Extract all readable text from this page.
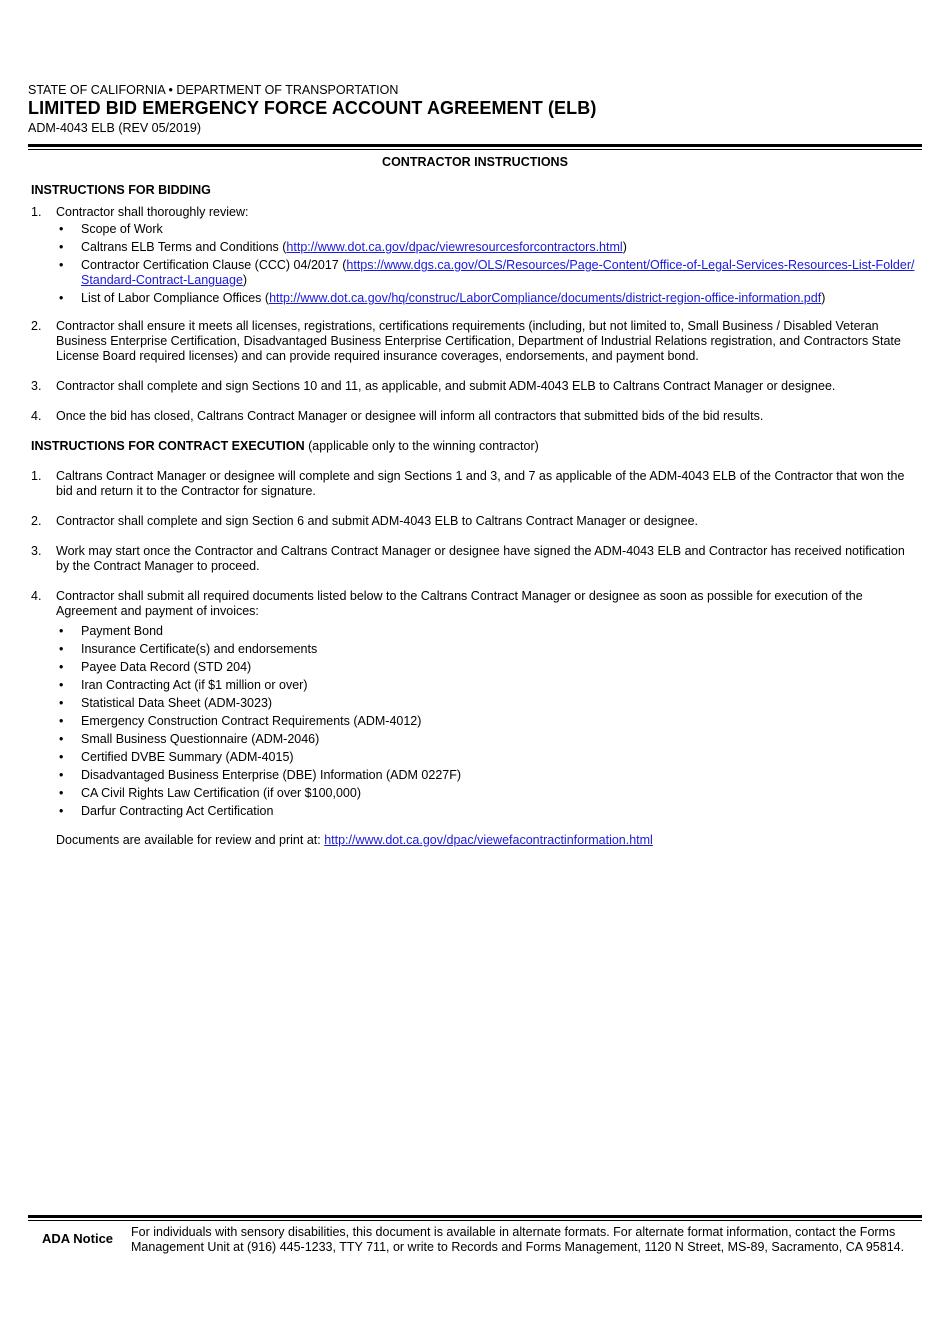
STATE OF CALIFORNIA • DEPARTMENT OF TRANSPORTATION
LIMITED BID EMERGENCY FORCE ACCOUNT AGREEMENT (ELB)
ADM-4043 ELB (REV 05/2019)
CONTRACTOR INSTRUCTIONS

INSTRUCTIONS FOR BIDDING

1. Contractor shall thoroughly review:
• Scope of Work
• Caltrans ELB Terms and Conditions (http://www.dot.ca.gov/dpac/viewresourcesforcontractors.html)
• Contractor Certification Clause (CCC) 04/2017 (https://www.dgs.ca.gov/OLS/Resources/Page-Content/Office-of-Legal-Services-Resources-List-Folder/
Standard-Contract-Language)
• List of Labor Compliance Offices (http://www.dot.ca.gov/hq/construc/LaborCompliance/documents/district-region-office-information.pdf)
2. Contractor shall ensure it meets all licenses, registrations, certifications requirements (including, but not limited to, Small Business / Disabled Veteran Business Enterprise Certification, Disadvantaged Business Enterprise Certification, Department of Industrial Relations registration, and Contractors State License Board required licenses) and can provide required insurance coverages, endorsements, and payment bond.
3. Contractor shall complete and sign Sections 10 and 11, as applicable, and submit ADM-4043 ELB to Caltrans Contract Manager or designee.
4. Once the bid has closed, Caltrans Contract Manager or designee will inform all contractors that submitted bids of the bid results.

INSTRUCTIONS FOR CONTRACT EXECUTION (applicable only to the winning contractor)

1. Caltrans Contract Manager or designee will complete and sign Sections 1 and 3, and 7 as applicable of the ADM-4043 ELB of the Contractor that won the bid and return it to the Contractor for signature.
2. Contractor shall complete and sign Section 6 and submit ADM-4043 ELB to Caltrans Contract Manager or designee.
3. Work may start once the Contractor and Caltrans Contract Manager or designee have signed the ADM-4043 ELB and Contractor has received notification by the Contract Manager to proceed.
4. Contractor shall submit all required documents listed below to the Caltrans Contract Manager or designee as soon as possible for execution of the Agreement and payment of invoices:
• Payment Bond
• Insurance Certificate(s) and endorsements
• Payee Data Record (STD 204)
• Iran Contracting Act (if $1 million or over)
• Statistical Data Sheet (ADM-3023)
• Emergency Construction Contract Requirements (ADM-4012)
• Small Business Questionnaire (ADM-2046)
• Certified DVBE Summary (ADM-4015)
• Disadvantaged Business Enterprise (DBE) Information (ADM 0227F)
• CA Civil Rights Law Certification (if over $100,000)
• Darfur Contracting Act Certification
Documents are available for review and print at: http://www.dot.ca.gov/dpac/viewefacontractinformation.html
ADA Notice For individuals with sensory disabilities, this document is available in alternate formats. For alternate format information, contact the Forms Management Unit at (916) 445-1233, TTY 711, or write to Records and Forms Management, 1120 N Street, MS-89, Sacramento, CA 95814.
